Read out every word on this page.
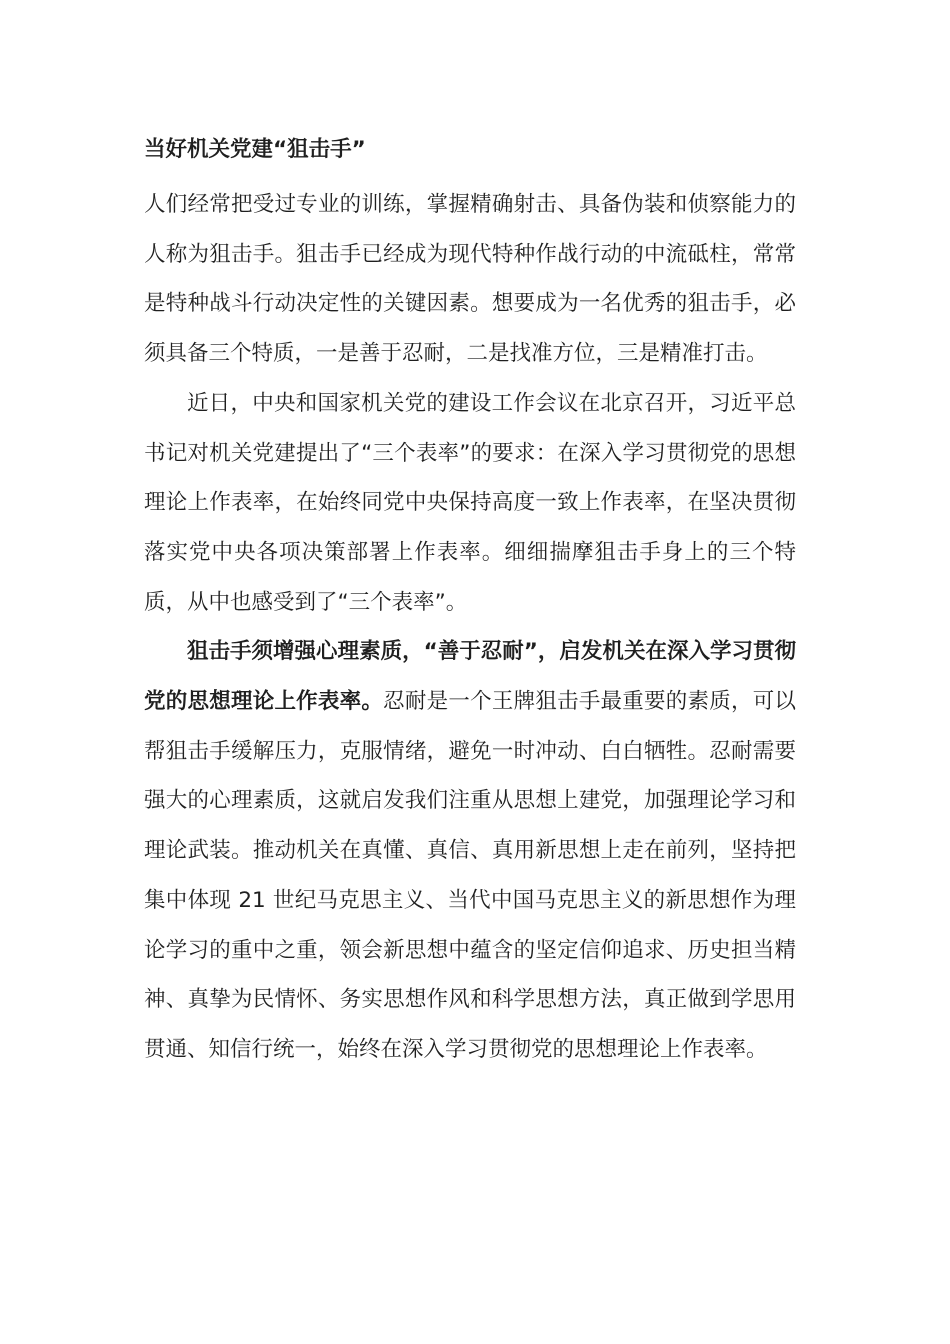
当好机关党建“狙击手”

人们经常把受过专业的训练，掌握精确射击、具备伪装和侦察能力的人称为狙击手。狙击手已经成为现代特种作战行动的中流砥柱，常常是特种战斗行动决定性的关键因素。想要成为一名优秀的狙击手，必须具备三个特质，一是善于忍耐，二是找准方位，三是精准打击。

近日，中央和国家机关党的建设工作会议在北京召开，习近平总书记对机关党建提出了“三个表率”的要求：在深入学习贯彻党的思想理论上作表率，在始终同党中央保持高度一致上作表率，在坚决贯彻落实党中央各项决策部署上作表率。细细揣摩狙击手身上的三个特质，从中也感受到了“三个表率”。

狙击手须增强心理素质，“善于忍耐”，启发机关在深入学习贯彻党的思想理论上作表率。忍耐是一个王牌狙击手最重要的素质，可以帮狙击手缓解压力，克服情绪，避免一时冲动、白白牺牲。忍耐需要强大的心理素质，这就启发我们注重从思想上建党，加强理论学习和理论武装。推动机关在真懂、真信、真用新思想上走在前列，坚持把集中体现 21 世纪马克思主义、当代中国马克思主义的新思想作为理论学习的重中之重，领会新思想中蕴含的坚定信仰追求、历史担当精神、真挚为民情怀、务实思想作风和科学思想方法，真正做到学思用贯通、知信行统一，始终在深入学习贯彻党的思想理论上作表率。
